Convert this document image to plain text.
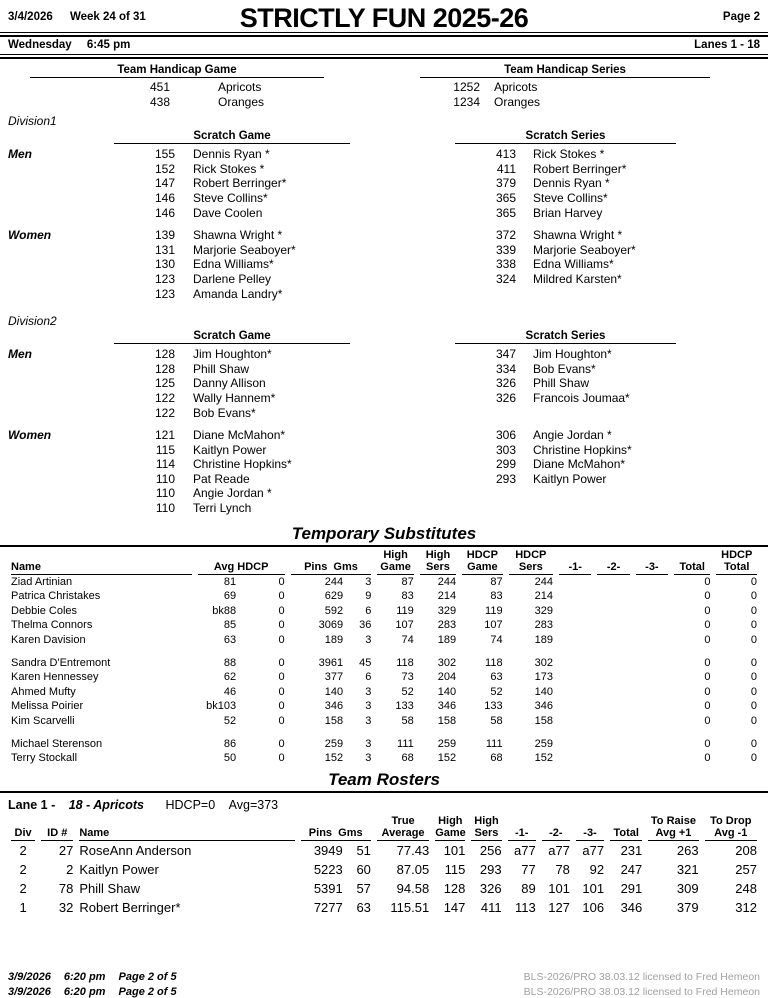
3/4/2026 Week 24 of 31	STRICTLY FUN 2025-26	Page 2
Wednesday 6:45 pm	Lanes 1 - 18
Team Handicap Game
451	Apricots
438	Oranges
Team Handicap Series
1252 Apricots
1234 Oranges
Division1
Scratch Game	Scratch Series
Men	155 Dennis Ryan *	413 Rick Stokes *
152 Rick Stokes *	411 Robert Berringer*
147 Robert Berringer*	379 Dennis Ryan *
146 Steve Collins*	365 Steve Collins*
146 Dave Coolen	365 Brian Harvey
Women	139 Shawna Wright *	372 Shawna Wright *
131 Marjorie Seaboyer*	339 Marjorie Seaboyer*
130 Edna Williams*	338 Edna Williams*
123 Darlene Pelley	324 Mildred Karsten*
123 Amanda Landry*
Division2
Scratch Game	Scratch Series
Men	128 Jim Houghton*	347 Jim Houghton*
128 Phill Shaw	334 Bob Evans*
125 Danny Allison	326 Phill Shaw
122 Wally Hannem*	326 Francois Joumaa*
122 Bob Evans*
Women	121 Diane McMahon*	306 Angie Jordan *
115 Kaitlyn Power	303 Christine Hopkins*
114 Christine Hopkins*	299 Diane McMahon*
110 Pat Reade	293 Kaitlyn Power
110 Angie Jordan *
110 Terri Lynch
Temporary Substitutes
Name	Avg HDCP	Pins  Gms

High
Game

High
Sers

HDCP
Game

HDCP
Sers	-1-	-2-	-3-	Total

HDCP
Total

Ziad Artinian	81	0	244	3	87	244	87	244				0	0
Patrica Christakes	69	0	629	9	83	214	83	214				0	0
Debbie Coles	bk88	0	592	6	119	329	119	329				0	0
Thelma Connors	85	0	3069	36	107	283	107	283				0	0
Karen Davision	63	0	189	3	74	189	74	189				0	0

Sandra D'Entremont	88	0	3961	45	118	302	118	302				0	0
Karen Hennessey	62	0	377	6	73	204	63	173				0	0
Ahmed Mufty	46	0	140	3	52	140	52	140				0	0
Melissa Poirier	bk103	0	346	3	133	346	133	346				0	0
Kim Scarvelli	52	0	158	3	58	158	58	158				0	0

Michael Sterenson	86	0	259	3	111	259	111	259				0	0
Terry Stockall	50	0	152	3	68	152	68	152				0	0
Team Rosters
Lane 1 - 18 - Apricots HDCP=0 Avg=373
Div	ID #	Name	Pins  Gms

True
Average

High
Game

High
Sers	-1-	-2-	-3-	Total

To Raise
Avg +1

To Drop
Avg -1

2	27	RoseAnn Anderson	3949	51	77.43	101	256	a77	a77	a77	231	263	208
2	2	Kaitlyn Power	5223	60	87.05	115	293	77	78	92	247	321	257
2	78	Phill Shaw	5391	57	94.58	128	326	89	101	101	291	309	248
1	32	Robert Berringer*	7277	63	115.51	147	411	113	127	106	346	379	312
3/9/2026 6:20 pm Page 2 of 5	BLS-2026/PRO 38.03.12 licensed to Fred Hemeon
3/9/2026 6:20 pm Page 2 of 5	BLS-2026/PRO 38.03.12 licensed to Fred Hemeon
